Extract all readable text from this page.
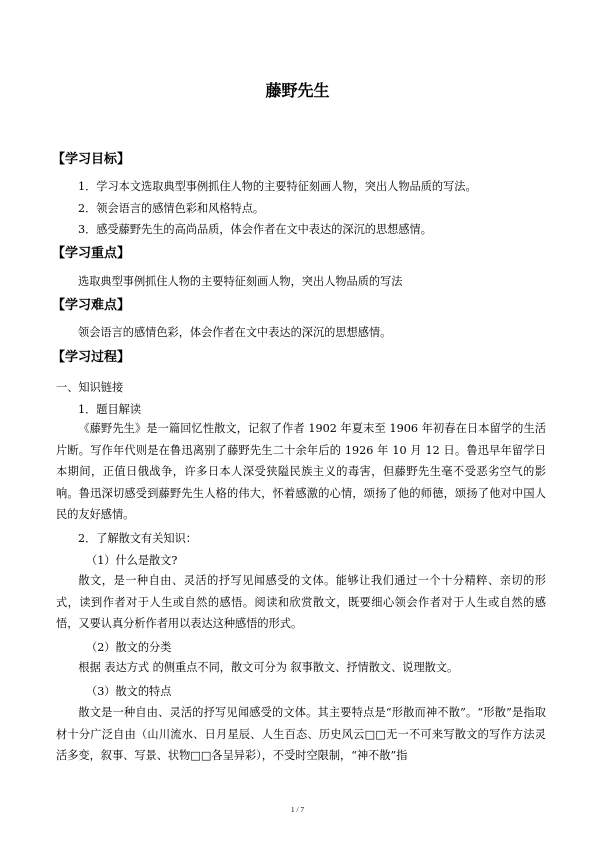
藤野先生
【学习目标】
1．学习本文选取典型事例抓住人物的主要特征刻画人物，突出人物品质的写法。
2．领会语言的感情色彩和风格特点。
3．感受藤野先生的高尚品质，体会作者在文中表达的深沉的思想感情。
【学习重点】
选取典型事例抓住人物的主要特征刻画人物，突出人物品质的写法
【学习难点】
领会语言的感情色彩，体会作者在文中表达的深沉的思想感情。
【学习过程】
一、知识链接
1．题目解读
《藤野先生》是一篇回忆性散文，记叙了作者 1902 年夏末至 1906 年初春在日本留学的生活片断。写作年代则是在鲁迅离别了藤野先生二十余年后的 1926 年 10 月 12 日。鲁迅早年留学日本期间，正值日俄战争，许多日本人深受狭隘民族主义的毒害，但藤野先生毫不受恶劣空气的影响。鲁迅深切感受到藤野先生人格的伟大，怀着感激的心情，颂扬了他的师德，颂扬了他对中国人民的友好感情。
2．了解散文有关知识：
（1）什么是散文?
散文，是一种自由、灵活的抒写见闻感受的文体。能够让我们通过一个十分精粹、亲切的形式，读到作者对于人生或自然的感悟。阅读和欣赏散文，既要细心领会作者对于人生或自然的感悟，又要认真分析作者用以表达这种感悟的形式。
（2）散文的分类
根据 表达方式 的侧重点不同，散文可分为 叙事散文、抒情散文、说理散文。
（3）散文的特点
散文是一种自由、灵活的抒写见闻感受的文体。其主要特点是“形散而神不散”。“形散”是指取材十分广泛自由（山川流水、日月星辰、人生百态、历史风云□□无一不可来写散文的写作方法灵活多变，叙事、写景、状物□□各呈异彩），不受时空限制，“神不散”指
1 / 7
